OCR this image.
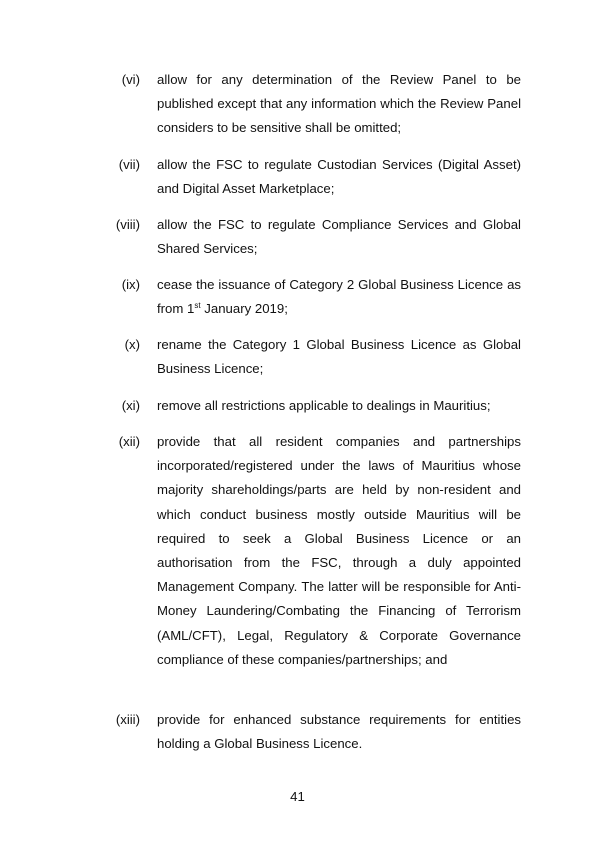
(vi) allow for any determination of the Review Panel to be published except that any information which the Review Panel considers to be sensitive shall be omitted;
(vii) allow the FSC to regulate Custodian Services (Digital Asset) and Digital Asset Marketplace;
(viii) allow the FSC to regulate Compliance Services and Global Shared Services;
(ix) cease the issuance of Category 2 Global Business Licence as from 1st January 2019;
(x) rename the Category 1 Global Business Licence as Global Business Licence;
(xi) remove all restrictions applicable to dealings in Mauritius;
(xii) provide that all resident companies and partnerships incorporated/registered under the laws of Mauritius whose majority shareholdings/parts are held by non-resident and which conduct business mostly outside Mauritius will be required to seek a Global Business Licence or an authorisation from the FSC, through a duly appointed Management Company. The latter will be responsible for Anti-Money Laundering/Combating the Financing of Terrorism (AML/CFT), Legal, Regulatory & Corporate Governance compliance of these companies/partnerships; and
(xiii) provide for enhanced substance requirements for entities holding a Global Business Licence.
41
